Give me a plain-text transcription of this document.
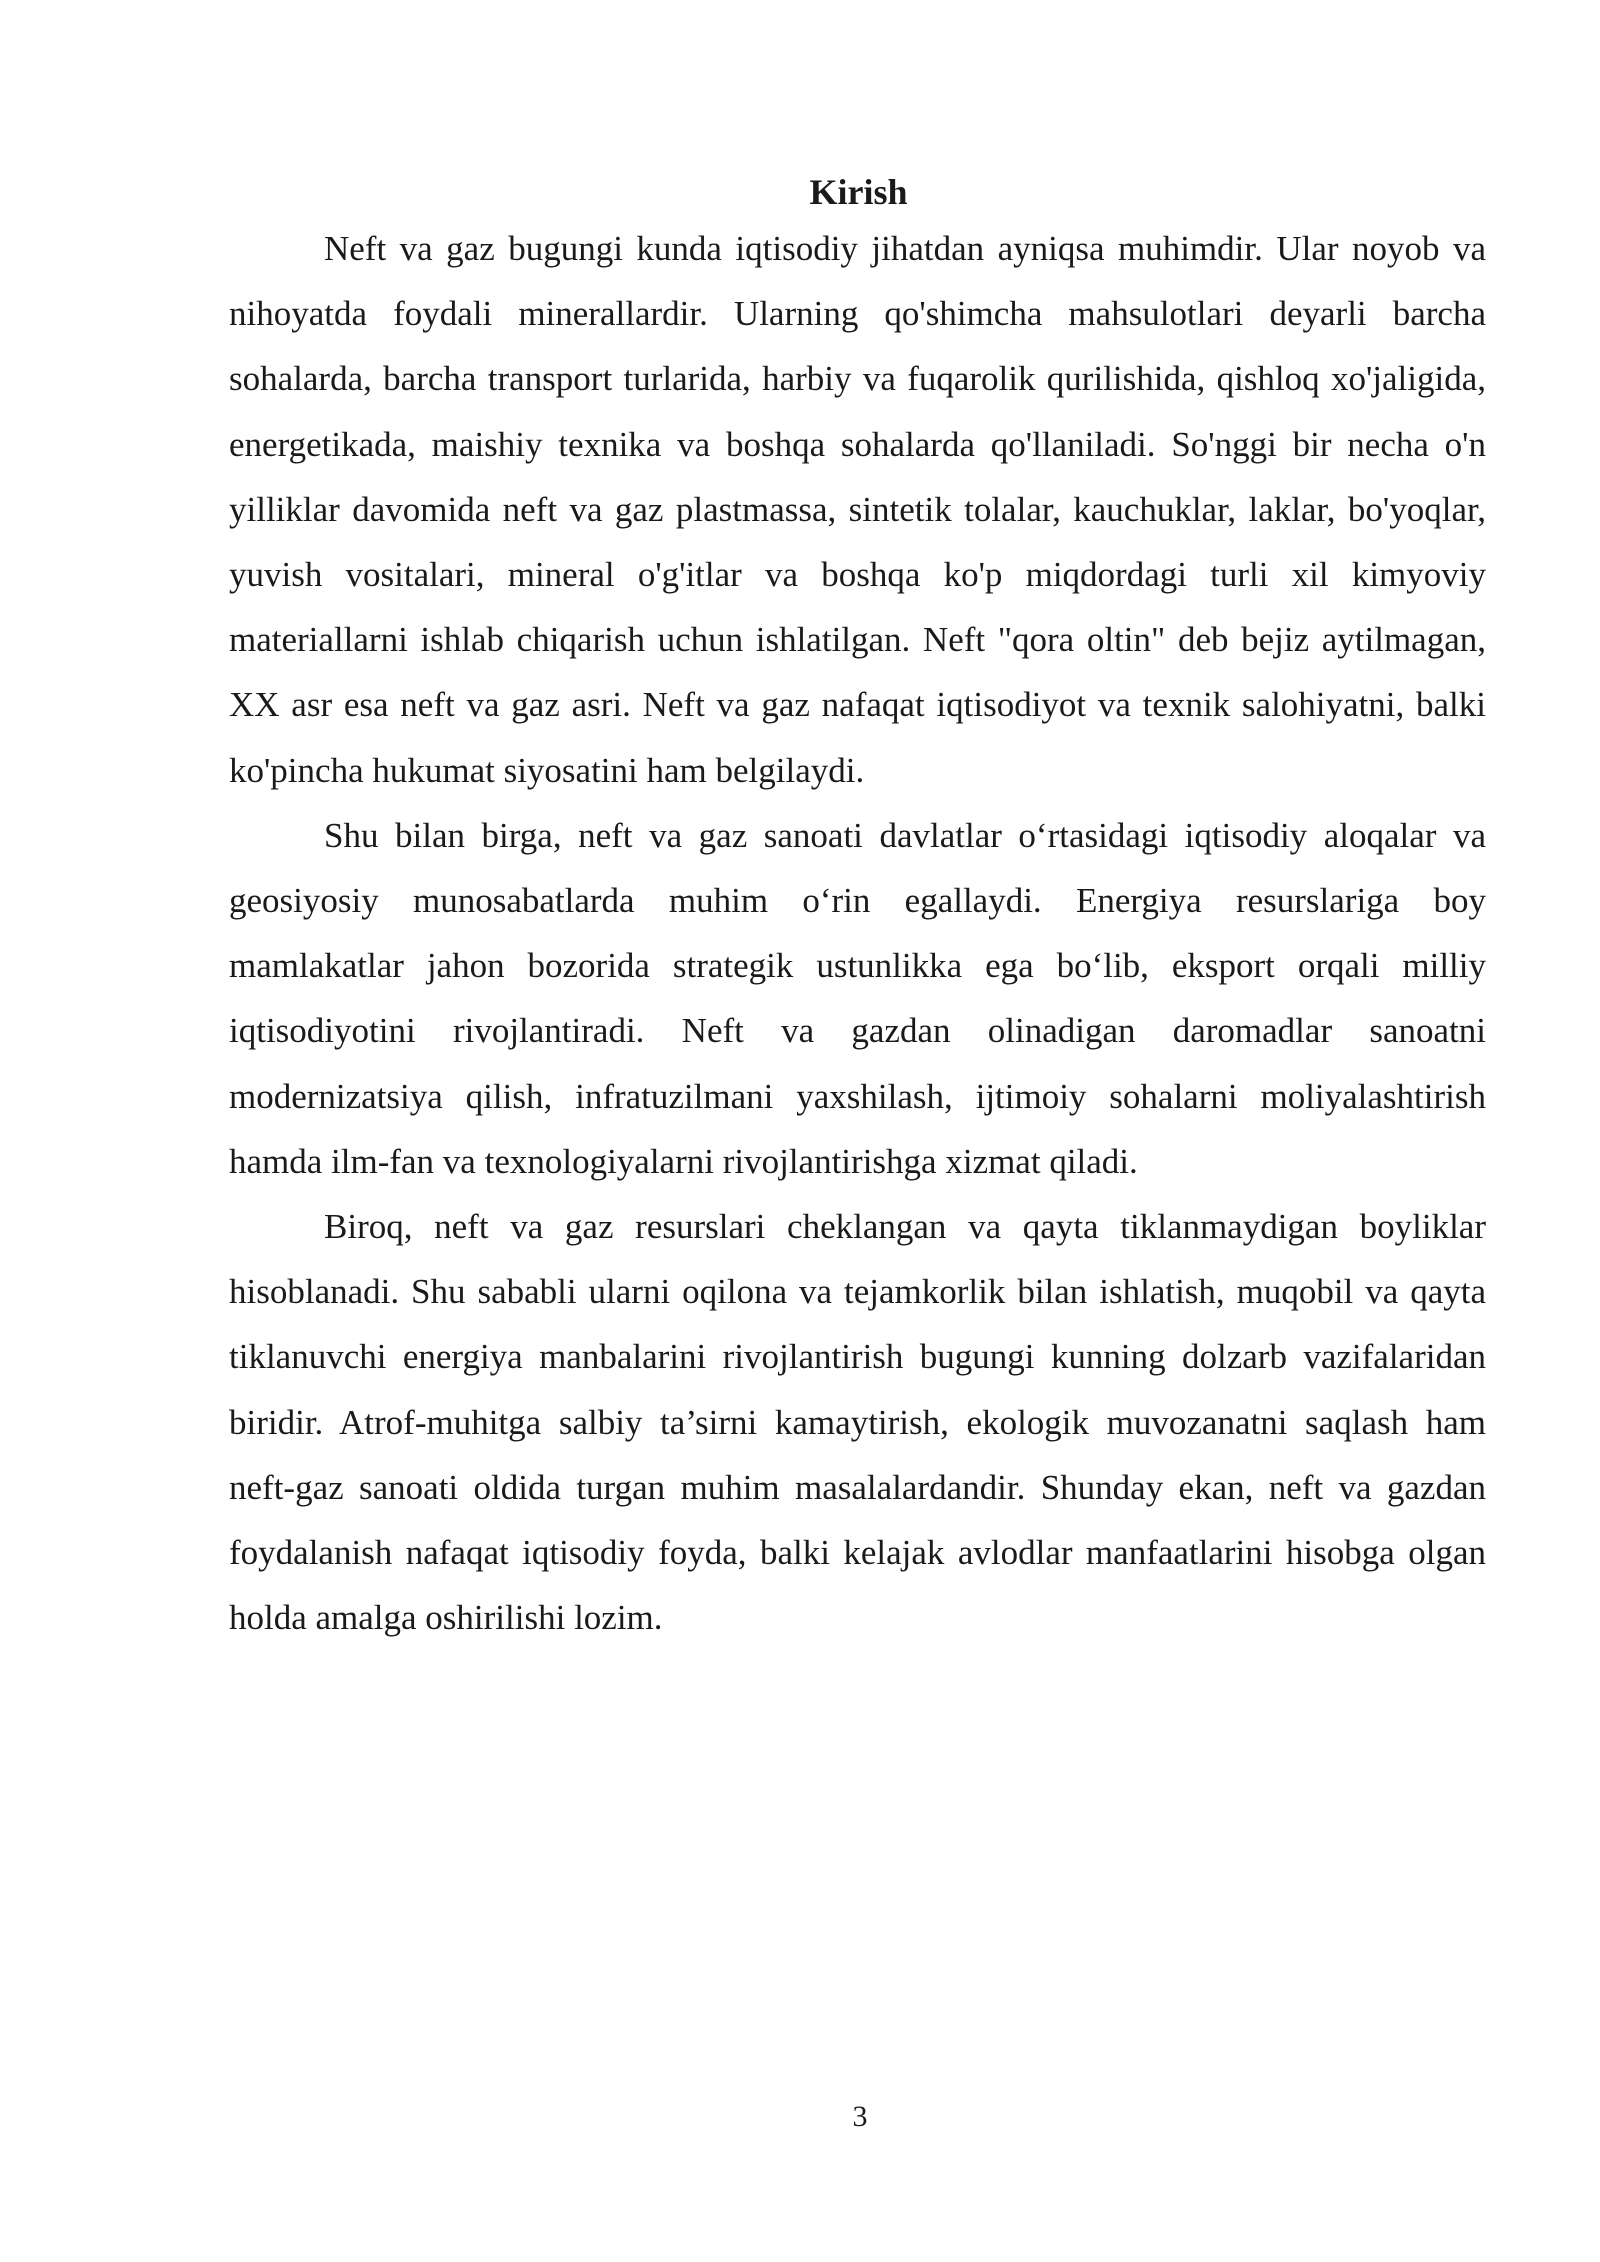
Kirish

Neft va gaz bugungi kunda iqtisodiy jihatdan ayniqsa muhimdir. Ular noyob va nihoyatda foydali minerallardir. Ularning qo'shimcha mahsulotlari deyarli barcha sohalarda, barcha transport turlarida, harbiy va fuqarolik qurilishida, qishloq xo'jaligida, energetikada, maishiy texnika va boshqa sohalarda qo'llaniladi. So'nggi bir necha o'n yilliklar davomida neft va gaz plastmassa, sintetik tolalar, kauchuklar, laklar, bo'yoqlar, yuvish vositalari, mineral o'g'itlar va boshqa ko'p miqdordagi turli xil kimyoviy materiallarni ishlab chiqarish uchun ishlatilgan. Neft "qora oltin" deb bejiz aytilmagan, XX asr esa neft va gaz asri. Neft va gaz nafaqat iqtisodiyot va texnik salohiyatni, balki ko'pincha hukumat siyosatini ham belgilaydi.

Shu bilan birga, neft va gaz sanoati davlatlar oʻrtasidagi iqtisodiy aloqalar va geosiyosiy munosabatlarda muhim oʻrin egallaydi. Energiya resurslariga boy mamlakatlar jahon bozorida strategik ustunlikka ega boʻlib, eksport orqali milliy iqtisodiyotini rivojlantiradi. Neft va gazdan olinadigan daromadlar sanoatni modernizatsiya qilish, infratuzilmani yaxshilash, ijtimoiy sohalarni moliyalashtirish hamda ilm-fan va texnologiyalarni rivojlantirishga xizmat qiladi.

Biroq, neft va gaz resurslari cheklangan va qayta tiklanmaydigan boyliklar hisoblanadi. Shu sababli ularni oqilona va tejamkorlik bilan ishlatish, muqobil va qayta tiklanuvchi energiya manbalarini rivojlantirish bugungi kunning dolzarb vazifalaridan biridir. Atrof-muhitga salbiy ta’sirni kamaytirish, ekologik muvozanatni saqlash ham neft-gaz sanoati oldida turgan muhim masalalardandir. Shunday ekan, neft va gazdan foydalanish nafaqat iqtisodiy foyda, balki kelajak avlodlar manfaatlarini hisobga olgan holda amalga oshirilishi lozim.

3
